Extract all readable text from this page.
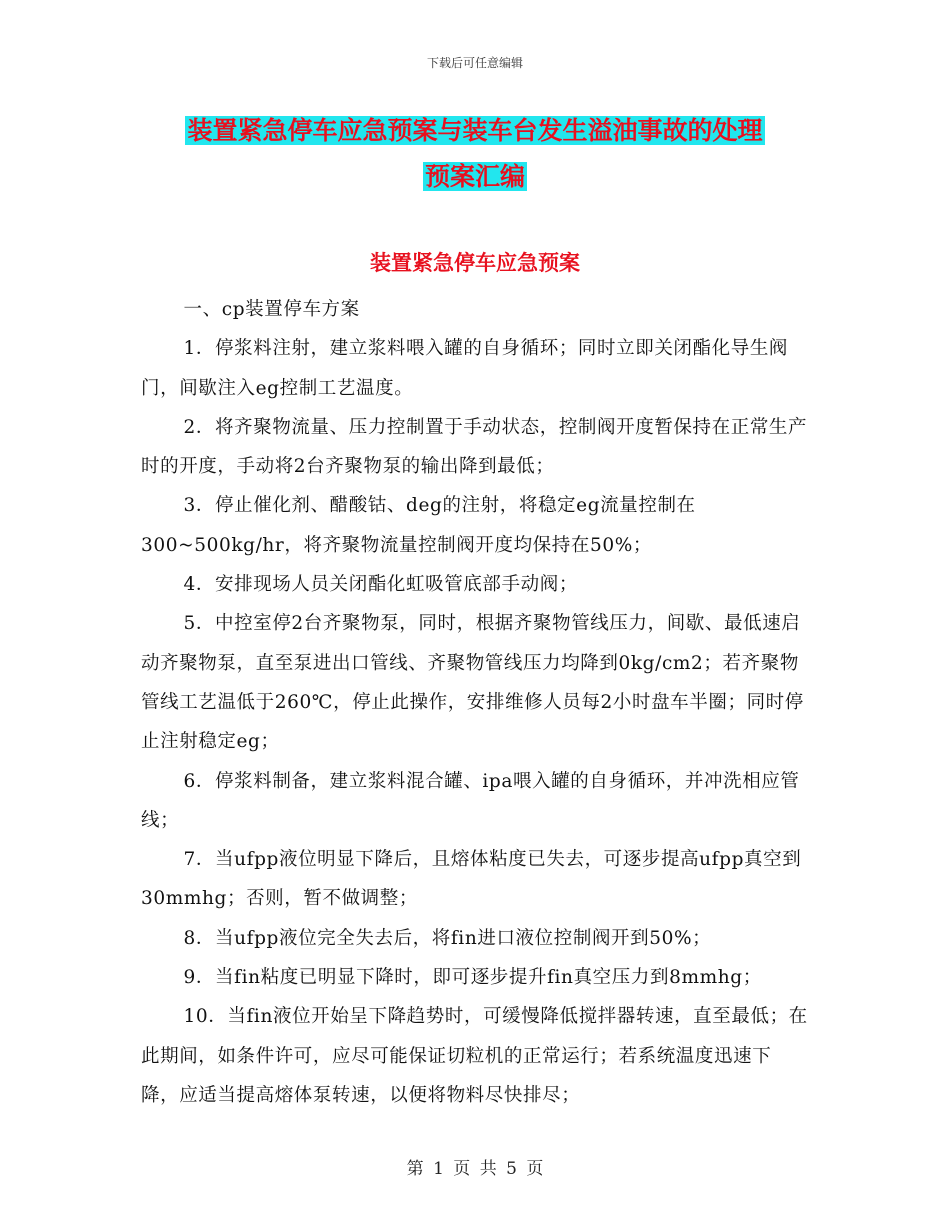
下载后可任意编辑
装置紧急停车应急预案与装车台发生溢油事故的处理
预案汇编
装置紧急停车应急预案

一、cp装置停车方案

1．停浆料注射，建立浆料喂入罐的自身循环；同时立即关闭酯化导生阀门，间歇注入eg控制工艺温度。

2．将齐聚物流量、压力控制置于手动状态，控制阀开度暂保持在正常生产时的开度，手动将2台齐聚物泵的输出降到最低；

3．停止催化剂、醋酸钴、deg的注射，将稳定eg流量控制在300~500kg/hr，将齐聚物流量控制阀开度均保持在50%；

4．安排现场人员关闭酯化虹吸管底部手动阀；

5．中控室停2台齐聚物泵，同时，根据齐聚物管线压力，间歇、最低速启动齐聚物泵，直至泵进出口管线、齐聚物管线压力均降到0kg/cm2；若齐聚物管线工艺温低于260℃，停止此操作，安排维修人员每2小时盘车半圈；同时停止注射稳定eg；

6．停浆料制备，建立浆料混合罐、ipa喂入罐的自身循环，并冲洗相应管线；

7．当ufpp液位明显下降后，且熔体粘度已失去，可逐步提高ufpp真空到30mmhg；否则，暂不做调整；

8．当ufpp液位完全失去后，将fin进口液位控制阀开到50%；

9．当fin粘度已明显下降时，即可逐步提升fin真空压力到8mmhg；

10．当fin液位开始呈下降趋势时，可缓慢降低搅拌器转速，直至最低；在此期间，如条件许可，应尽可能保证切粒机的正常运行；若系统温度迅速下降，应适当提高熔体泵转速，以便将物料尽快排尽；

第 1 页 共 5 页
